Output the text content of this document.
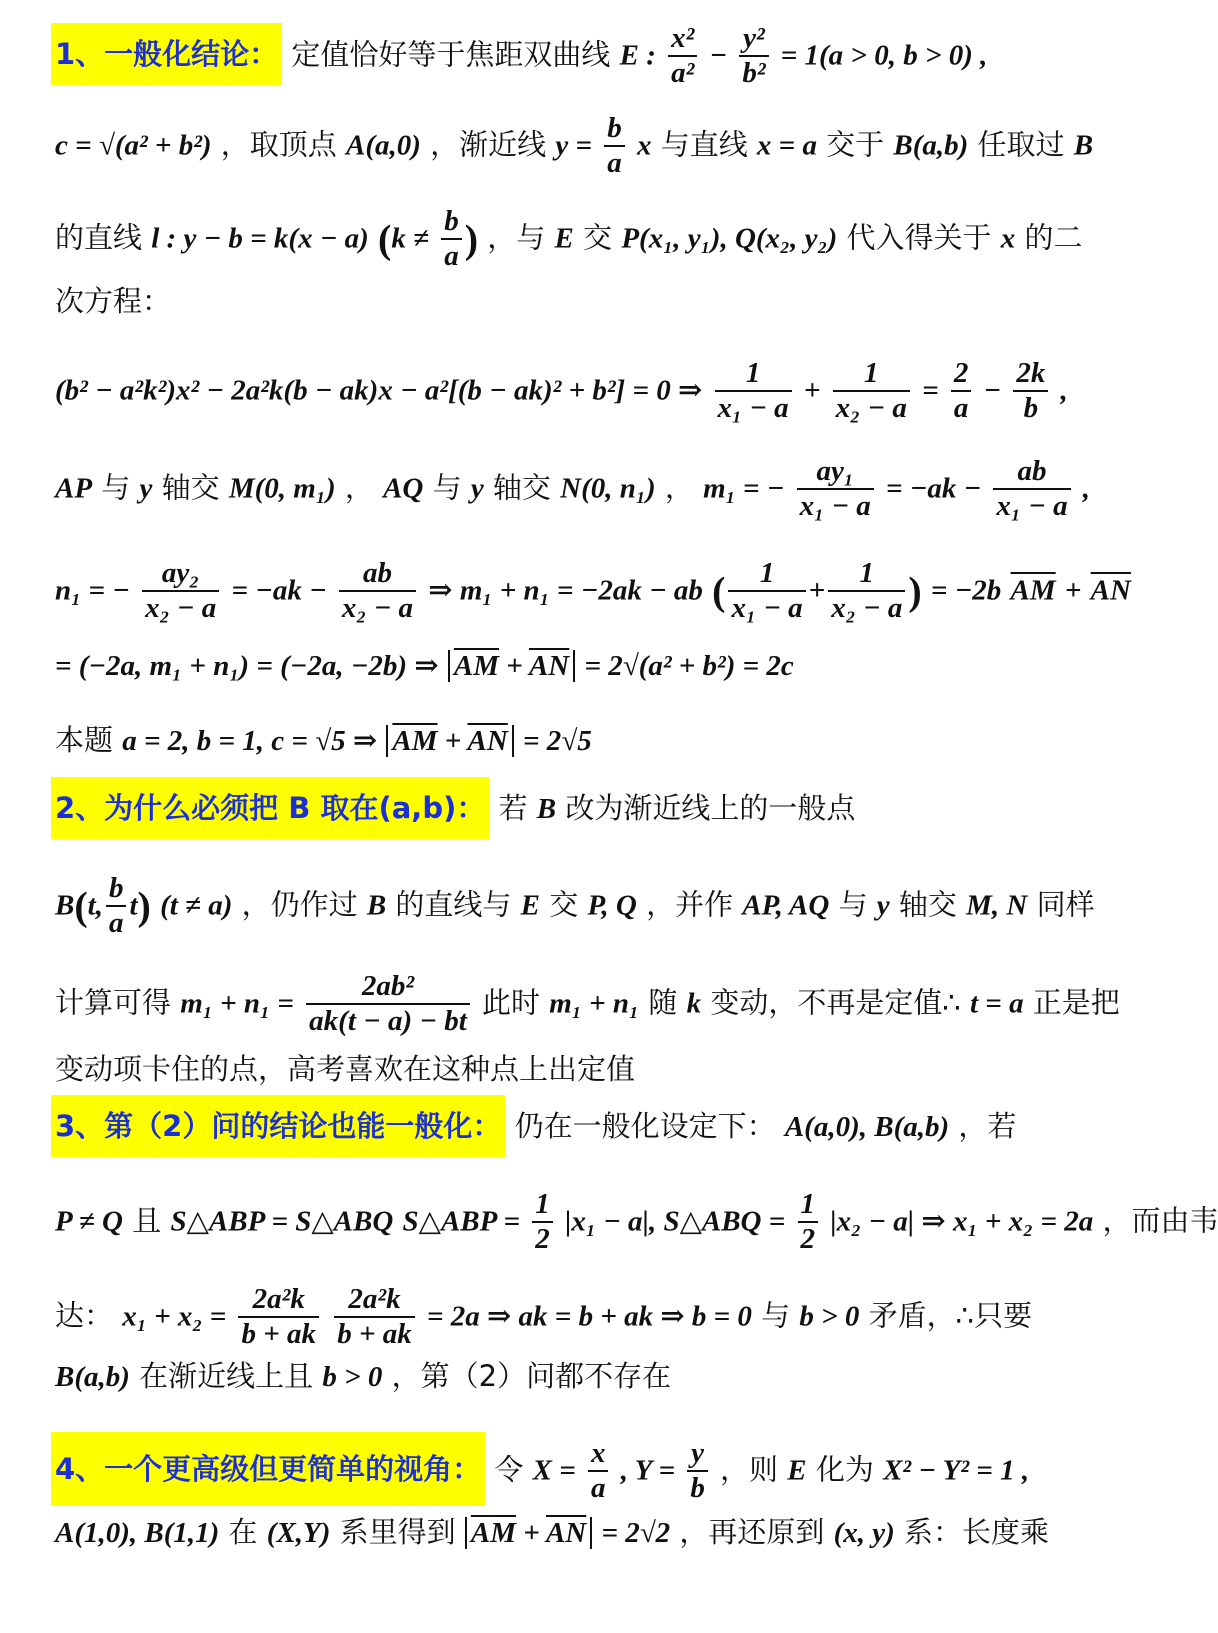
1、一般化结论： 定值恰好等于焦距双曲线 E : $\frac{\text{x²}}{\text{a²}} - \frac{\text{y²}}{\text{b²}} = 1(a > 0$, b > 0) ,
c = √(a² + b²) ，取顶点 A(a,0) ，渐近线 $y = \frac{b}{a}$ x 与直线 x = a 交于 B(a,b) 任取过 B
的直线 l : y − b = k(x − a) ($k \ne \frac{b}{a}$ ) ，与 E 交 P(x₁, y₁), Q(x₂, y₂) 代入得关于 x 的二
次方程：
(b² − a²k²)x² − 2a²k(b − ak)x − a²[(b − ak)² + b²] = 0 ⇒ $\frac{1}{\text{x₁ − a}} + \frac{1}{\text{x₂ − a}} = \frac{2}{a} - \frac{2k}{b}$ ,
AP 与 y 轴交 M(0, m₁) ， AQ 与 y 轴交 N(0, n₁) ， m₁ = − $\frac{\text{ay₁}}{\text{x₁ − a}} = -ak - \frac{ab}{\text{x₁ − a}}$ ,
n₁ = − $\frac{\text{ay₂}}{\text{x₂ − a}} = -ak - \frac{ab}{\text{x₂ − a}}$ ⇒ m₁ + n₁ = −2ak − ab ( $\frac{1}{\text{x₁ − a}} + \frac{1}{\text{x₂ − a}}$ ) = −2b $\overline{AM} + \overline{AN}$
= (−2a, m₁ + n₁) = (−2a, −2b) ⇒ $\overline{AM} + \overline{AN} = 2√(a^2 + b^2) = 2c$
本题 a = 2, b = 1, c = √5 ⇒ $\overline{AM} + \overline{AN} = 2√5$
2、为什么必须把 B 取在(a,b)： 若 B 改为渐近线上的一般点
B(t, $\frac{b}{a} t$) (t ≠ a) ，仍作过 B 的直线与 E 交 P, Q ，并作 AP, AQ 与 y 轴交 M, N 同样
计算可得 $m_1 + n_1 = \frac{\text{2ab²}}{ak(t - a) - bt}$ 此时 m₁ + n₁ 随 k 变动，不再是定值∴ t = a 正是把
变动项卡住的点，高考喜欢在这种点上出定值
3、第（2）问的结论也能一般化： 仍在一般化设定下： A(a,0), B(a,b) ，若
P ≠ Q 且 S△ABP = S△ABQ S△ABP = $\frac{1}{2} |x_1 - a|$, S△ABQ = $\frac{1}{2} |x_2 - a|$ ⇒ x₁ + x₂ = 2a ，而由韦
达： $x_1 + x_2 = \frac{\text{2a²k}}{b + ak}$
$\frac{\text{2a²k}}{b + ak} = 2a$ ⇒ ak = b + ak ⇒ b = 0 与 b > 0 矛盾，∴只要
B(a,b) 在渐近线上且 b > 0 ，第（2）问都不存在
4、一个更高级但更简单的视角： 令 $X = \frac{x}{a}$ , $Y = \frac{y}{b}$ ，则 E 化为 X² − Y² = 1 ,
A(1,0), B(1,1) 在 (X,Y) 系里得到 $\overline{AM} + \overline{AN} = 2√2$ ，再还原到 (x, y) 系：长度乘
